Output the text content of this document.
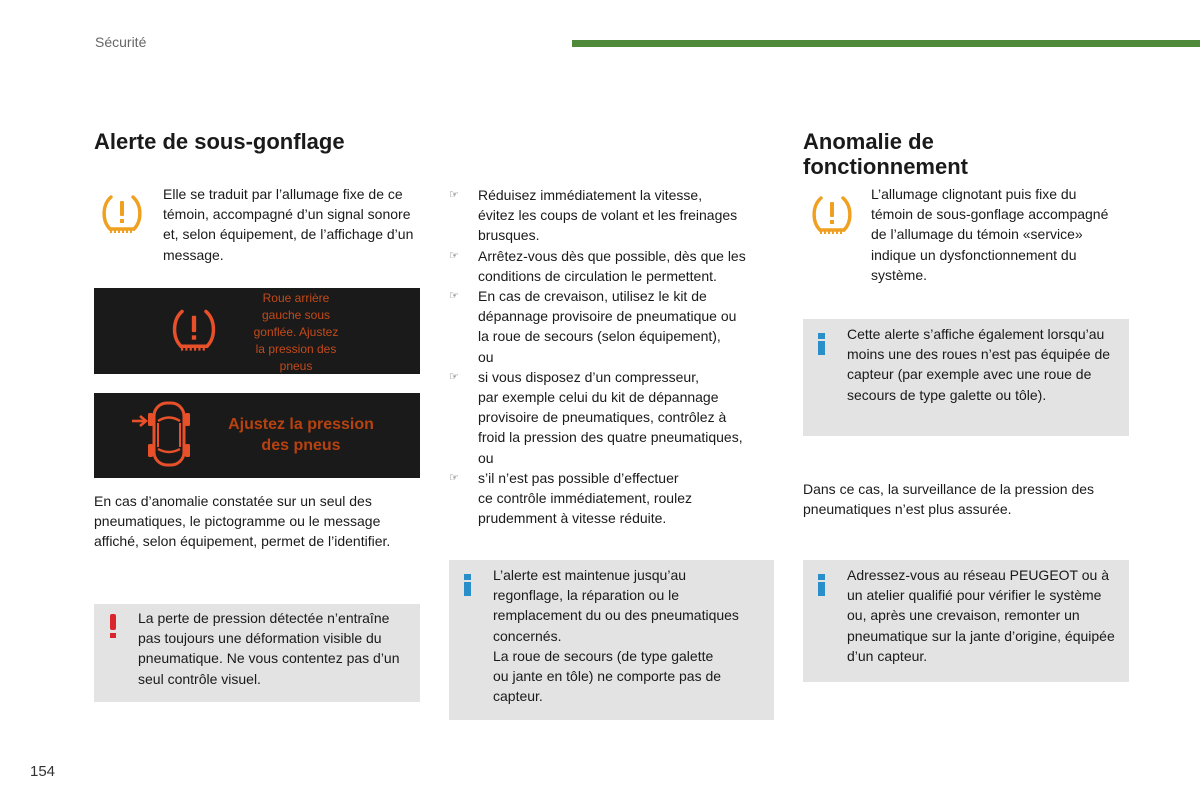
Sécurité
Alerte de sous-gonflage
Elle se traduit par l’allumage fixe de ce témoin, accompagné d’un signal sonore et, selon équipement, de l’affichage d’un message.
Roue arrière
gauche sous
gonflée. Ajustez
la pression des
pneus
Ajustez la pression
des pneus
En cas d’anomalie constatée sur un seul des pneumatiques, le pictogramme ou le message affiché, selon équipement, permet de l’identifier.
La perte de pression détectée n’entraîne pas toujours une déformation visible du pneumatique. Ne vous contentez pas d’un seul contrôle visuel.
☞ Réduisez immédiatement la vitesse,
évitez les coups de volant et les freinages
brusques.
☞ Arrêtez-vous dès que possible, dès que les
conditions de circulation le permettent.
☞ En cas de crevaison, utilisez le kit de
dépannage provisoire de pneumatique ou
la roue de secours (selon équipement),
ou
☞ si vous disposez d’un compresseur,
par exemple celui du kit de dépannage
provisoire de pneumatiques, contrôlez à
froid la pression des quatre pneumatiques,
ou
☞ s’il n’est pas possible d’effectuer
ce contrôle immédiatement, roulez
prudemment à vitesse réduite.
L’alerte est maintenue jusqu’au
regonflage, la réparation ou le
remplacement du ou des pneumatiques
concernés.
La roue de secours (de type galette
ou jante en tôle) ne comporte pas de
capteur.
Anomalie de
fonctionnement
L’allumage clignotant puis fixe du témoin de sous-gonflage accompagné de l’allumage du témoin «service» indique un dysfonctionnement du système.
Cette alerte s’affiche également lorsqu’au moins une des roues n’est pas équipée de capteur (par exemple avec une roue de secours de type galette ou tôle).
Dans ce cas, la surveillance de la pression des pneumatiques n’est plus assurée.
Adressez-vous au réseau PEUGEOT ou à un atelier qualifié pour vérifier le système ou, après une crevaison, remonter un pneumatique sur la jante d’origine, équipée d’un capteur.
154
